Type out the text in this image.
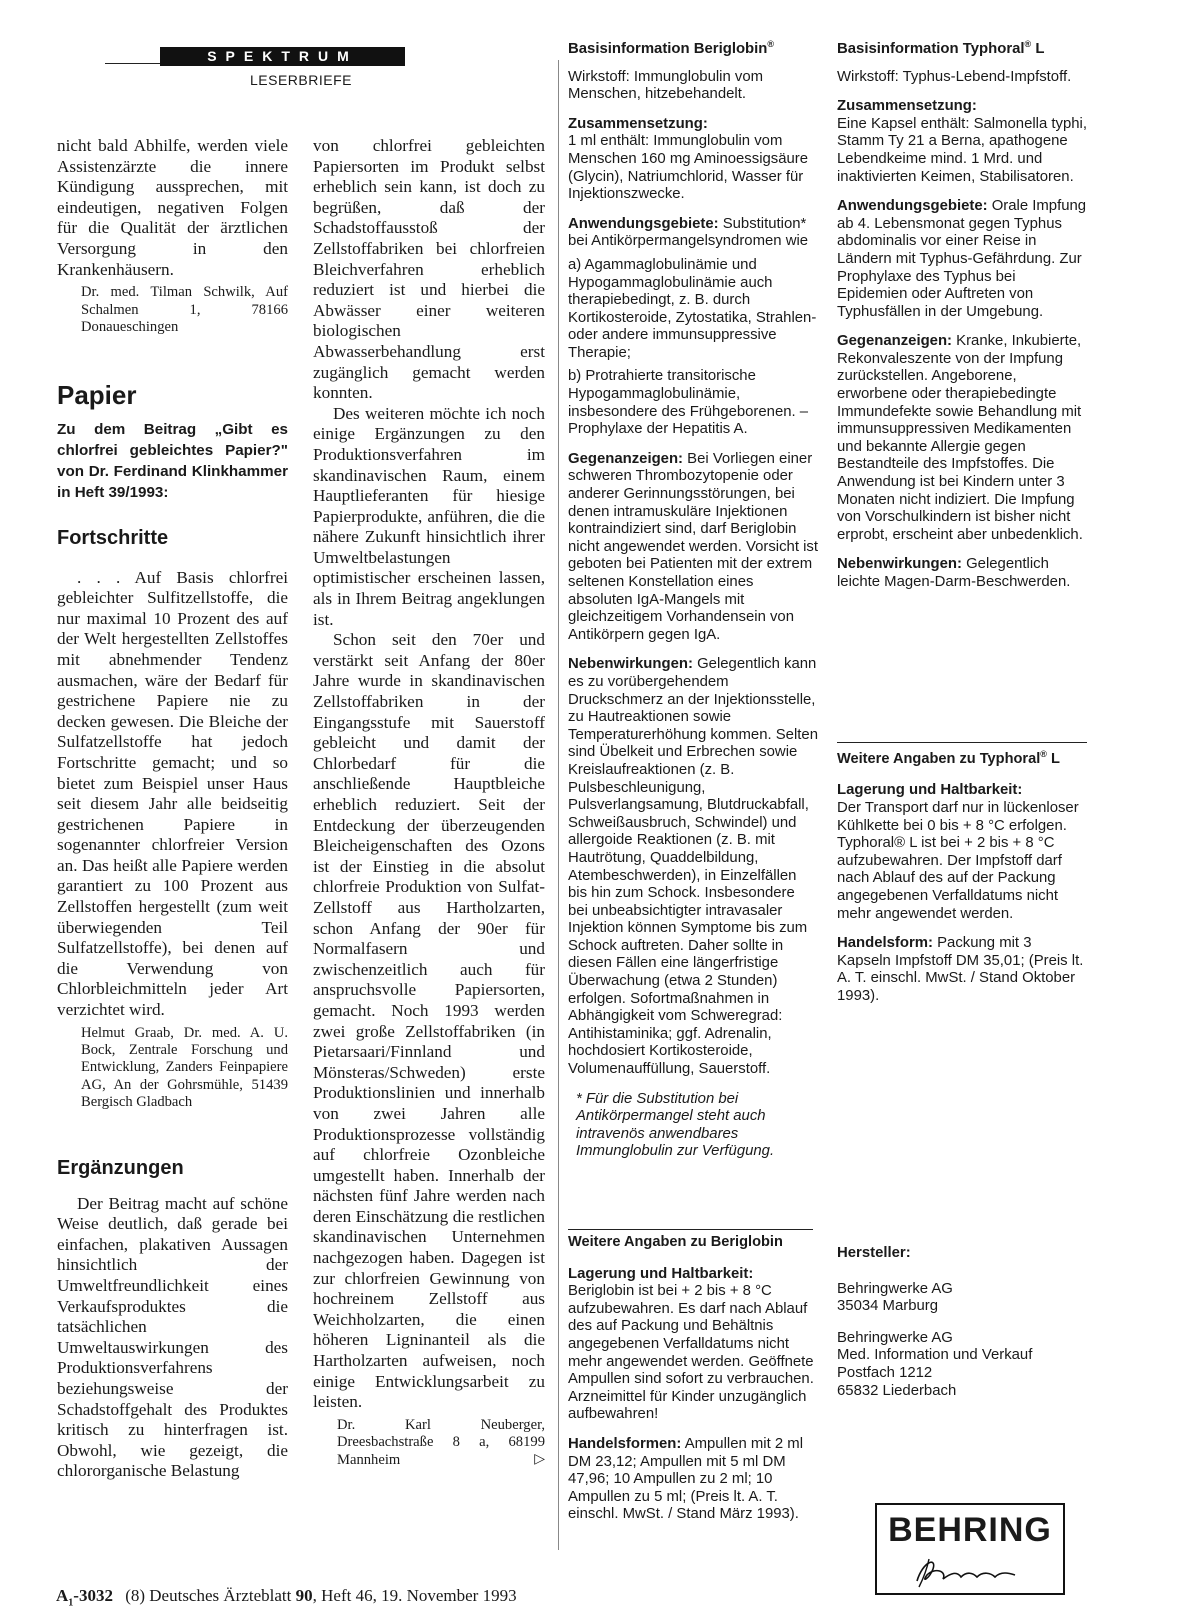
SPEKTRUM
LESERBRIEFE

nicht bald Abhilfe, werden viele Assistenzärzte die innere Kündigung aussprechen, mit eindeutigen, negativen Folgen für die Qualität der ärztlichen Versorgung in den Krankenhäusern.

Dr. med. Tilman Schwilk, Auf Schalmen 1, 78166 Donaueschingen

Papier

Zu dem Beitrag „Gibt es chlorfrei gebleichtes Papier?" von Dr. Ferdinand Klinkhammer in Heft 39/1993:

Fortschritte

. . . Auf Basis chlorfrei gebleichter Sulfitzellstoffe, die nur maximal 10 Prozent des auf der Welt hergestellten Zellstoffes mit abnehmender Tendenz ausmachen, wäre der Bedarf für gestrichene Papiere nie zu decken gewesen. Die Bleiche der Sulfatzellstoffe hat jedoch Fortschritte gemacht; und so bietet zum Beispiel unser Haus seit diesem Jahr alle beidseitig gestrichenen Papiere in sogenannter chlorfreier Version an. Das heißt alle Papiere werden garantiert zu 100 Prozent aus Zellstoffen hergestellt (zum weit überwiegenden Teil Sulfatzellstoffe), bei denen auf die Verwendung von Chlorbleichmitteln jeder Art verzichtet wird.

Helmut Graab, Dr. med. A. U. Bock, Zentrale Forschung und Entwicklung, Zanders Feinpapiere AG, An der Gohrsmühle, 51439 Bergisch Gladbach

Ergänzungen

Der Beitrag macht auf schöne Weise deutlich, daß gerade bei einfachen, plakativen Aussagen hinsichtlich der Umweltfreundlichkeit eines Verkaufsproduktes die tatsächlichen Umweltauswirkungen des Produktionsverfahrens beziehungsweise der Schadstoffgehalt des Produktes kritisch zu hinterfragen ist. Obwohl, wie gezeigt, die chlororganische Belastung

von chlorfrei gebleichten Papiersorten im Produkt selbst erheblich sein kann, ist doch zu begrüßen, daß der Schadstoffausstoß der Zellstoffabriken bei chlorfreien Bleichverfahren erheblich reduziert ist und hierbei die Abwässer einer weiteren biologischen Abwasserbehandlung erst zugänglich gemacht werden konnten.

Des weiteren möchte ich noch einige Ergänzungen zu den Produktionsverfahren im skandinavischen Raum, einem Hauptlieferanten für hiesige Papierprodukte, anführen, die die nähere Zukunft hinsichtlich ihrer Umweltbelastungen optimistischer erscheinen lassen, als in Ihrem Beitrag angeklungen ist.

Schon seit den 70er und verstärkt seit Anfang der 80er Jahre wurde in skandinavischen Zellstoffabriken in der Eingangsstufe mit Sauerstoff gebleicht und damit der Chlorbedarf für die anschließende Hauptbleiche erheblich reduziert. Seit der Entdeckung der überzeugenden Bleicheigenschaften des Ozons ist der Einstieg in die absolut chlorfreie Produktion von Sulfat-Zellstoff aus Hartholzarten, schon Anfang der 90er für Normalfasern und zwischenzeitlich auch für anspruchsvolle Papiersorten, gemacht. Noch 1993 werden zwei große Zellstoffabriken (in Pietarsaari/Finnland und Mönsteras/Schweden) erste Produktionslinien und innerhalb von zwei Jahren alle Produktionsprozesse vollständig auf chlorfreie Ozonbleiche umgestellt haben. Innerhalb der nächsten fünf Jahre werden nach deren Einschätzung die restlichen skandinavischen Unternehmen nachgezogen haben. Dagegen ist zur chlorfreien Gewinnung von hochreinem Zellstoff aus Weichholzarten, die einen höheren Ligninanteil als die Hartholzarten aufweisen, noch einige Entwicklungsarbeit zu leisten.

Dr. Karl Neuberger, Dreesbachstraße 8 a, 68199 Mannheim	▷

Basisinformation Beriglobin®

Wirkstoff: Immunglobulin vom Menschen, hitzebehandelt.

Zusammensetzung:
1 ml enthält: Immunglobulin vom Menschen 160 mg Aminoessigsäure (Glycin), Natriumchlorid, Wasser für Injektionszwecke.

Anwendungsgebiete: Substitution* bei Antikörpermangelsyndromen wie

a) Agammaglobulinämie und Hypogammaglobulinämie auch therapiebedingt, z. B. durch Kortikosteroide, Zytostatika, Strahlen- oder andere immunsuppressive Therapie;

b) Protrahierte transitorische Hypogammaglobulinämie, insbesondere des Frühgeborenen. – Prophylaxe der Hepatitis A.

Gegenanzeigen: Bei Vorliegen einer schweren Thrombozytopenie oder anderer Gerinnungsstörungen, bei denen intramuskuläre Injektionen kontraindiziert sind, darf Beriglobin nicht angewendet werden. Vorsicht ist geboten bei Patienten mit der extrem seltenen Konstellation eines absoluten IgA-Mangels mit gleichzeitigem Vorhandensein von Antikörpern gegen IgA.

Nebenwirkungen: Gelegentlich kann es zu vorübergehendem Druckschmerz an der Injektionsstelle, zu Hautreaktionen sowie Temperaturerhöhung kommen. Selten sind Übelkeit und Erbrechen sowie Kreislaufreaktionen (z. B. Pulsbeschleunigung, Pulsverlangsamung, Blutdruckabfall, Schweißausbruch, Schwindel) und allergoide Reaktionen (z. B. mit Hautrötung, Quaddelbildung, Atembeschwerden), in Einzelfällen bis hin zum Schock. Insbesondere bei unbeabsichtigter intravasaler Injektion können Symptome bis zum Schock auftreten. Daher sollte in diesen Fällen eine längerfristige Überwachung (etwa 2 Stunden) erfolgen. Sofortmaßnahmen in Abhängigkeit vom Schweregrad: Antihistaminika; ggf. Adrenalin, hochdosiert Kortikosteroide, Volumenauffüllung, Sauerstoff.

* Für die Substitution bei Antikörpermangel steht auch intravenös anwendbares Immunglobulin zur Verfügung.

Weitere Angaben zu Beriglobin

Lagerung und Haltbarkeit:
Beriglobin ist bei + 2 bis + 8 °C aufzubewahren. Es darf nach Ablauf des auf Packung und Behältnis angegebenen Verfalldatums nicht mehr angewendet werden. Geöffnete Ampullen sind sofort zu verbrauchen. Arzneimittel für Kinder unzugänglich aufbewahren!

Handelsformen: Ampullen mit 2 ml DM 23,12; Ampullen mit 5 ml DM 47,96; 10 Ampullen zu 2 ml; 10 Ampullen zu 5 ml; (Preis lt. A. T. einschl. MwSt. / Stand März 1993).

Basisinformation Typhoral® L

Wirkstoff: Typhus-Lebend-Impfstoff.

Zusammensetzung:
Eine Kapsel enthält: Salmonella typhi, Stamm Ty 21 a Berna, apathogene Lebendkeime mind. 1 Mrd. und inaktivierten Keimen, Stabilisatoren.

Anwendungsgebiete: Orale Impfung ab 4. Lebensmonat gegen Typhus abdominalis vor einer Reise in Ländern mit Typhus-Gefährdung. Zur Prophylaxe des Typhus bei Epidemien oder Auftreten von Typhusfällen in der Umgebung.

Gegenanzeigen: Kranke, Inkubierte, Rekonvaleszente von der Impfung zurückstellen. Angeborene, erworbene oder therapiebedingte Immundefekte sowie Behandlung mit immunsuppressiven Medikamenten und bekannte Allergie gegen Bestandteile des Impfstoffes. Die Anwendung ist bei Kindern unter 3 Monaten nicht indiziert. Die Impfung von Vorschulkindern ist bisher nicht erprobt, erscheint aber unbedenklich.

Nebenwirkungen: Gelegentlich leichte Magen-Darm-Beschwerden.

Weitere Angaben zu Typhoral® L

Lagerung und Haltbarkeit:
Der Transport darf nur in lückenloser Kühlkette bei 0 bis + 8 °C erfolgen. Typhoral® L ist bei + 2 bis + 8 °C aufzubewahren. Der Impfstoff darf nach Ablauf des auf der Packung angegebenen Verfalldatums nicht mehr angewendet werden.

Handelsform: Packung mit 3 Kapseln Impfstoff DM 35,01; (Preis lt. A. T. einschl. MwSt. / Stand Oktober 1993).

Hersteller:

Behringwerke AG
35034 Marburg

Behringwerke AG
Med. Information und Verkauf
Postfach 1212
65832 Liederbach

BEHRING
$A_1-3032$ (8) Deutsches Ärzteblatt 90, Heft 46, 19. November 1993
